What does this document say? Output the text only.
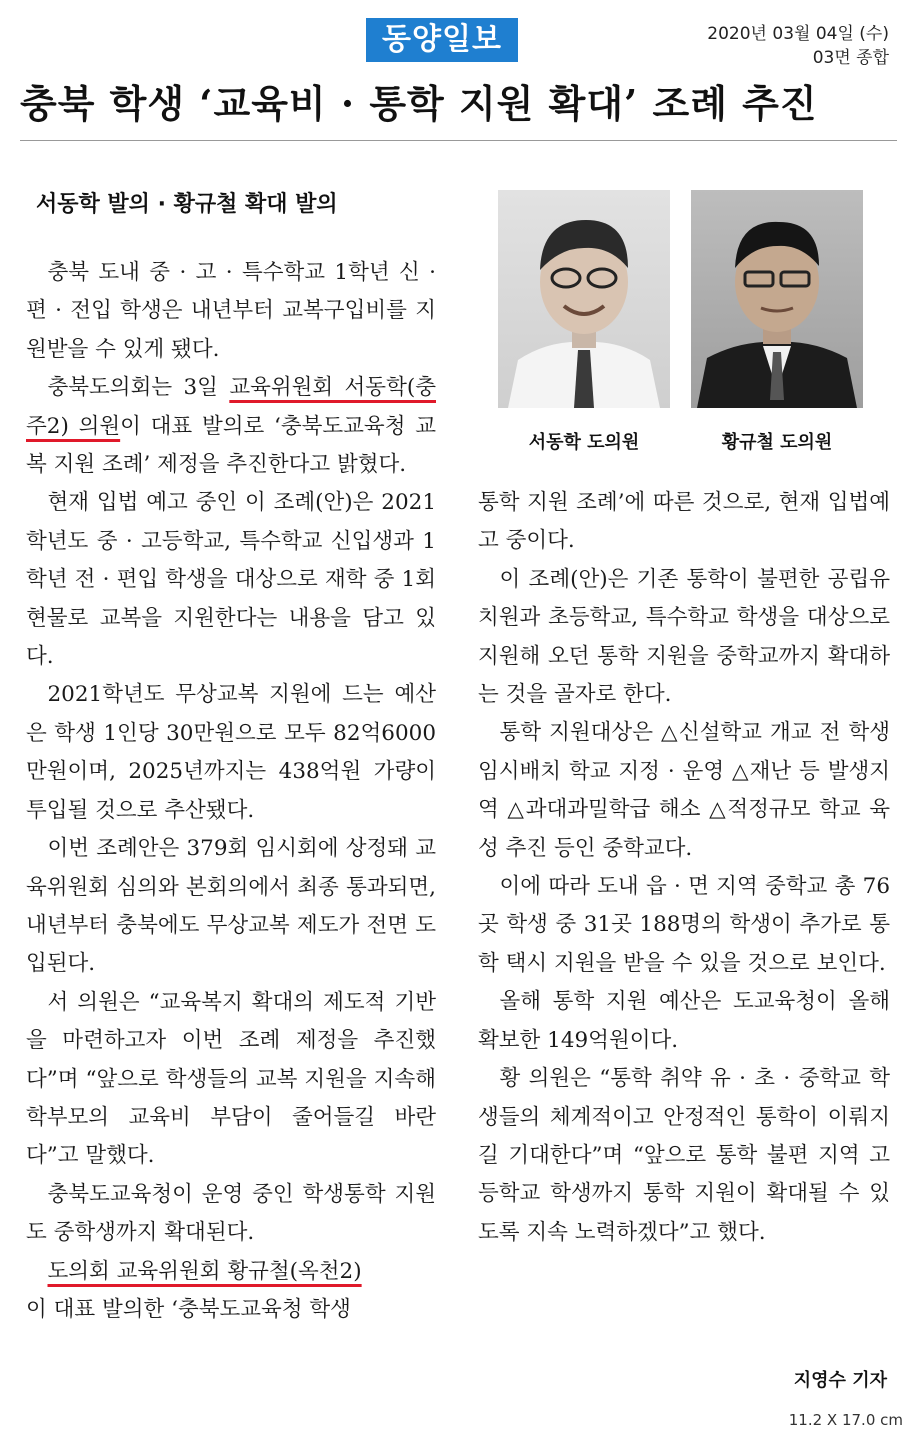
동양일보	2020년 03월 04일 (수)
03면 종합
충북 학생 ‘교육비 · 통학 지원 확대’ 조례 추진
서동학 발의 · 황규철 확대 발의

충북 도내 중 · 고 · 특수학교 1학년 신 · 편 · 전입 학생은 내년부터 교복구입비를 지원받을 수 있게 됐다.

충북도의회는 3일 교육위원회 서동학(충주2) 의원이 대표 발의로 ‘충북도교육청 교복 지원 조례’ 제정을 추진한다고 밝혔다.

현재 입법 예고 중인 이 조례(안)은 2021학년도 중 · 고등학교, 특수학교 신입생과 1학년 전 · 편입 학생을 대상으로 재학 중 1회 현물로 교복을 지원한다는 내용을 담고 있다.

2021학년도 무상교복 지원에 드는 예산은 학생 1인당 30만원으로 모두 82억6000만원이며, 2025년까지는 438억원 가량이 투입될 것으로 추산됐다.

이번 조례안은 379회 임시회에 상정돼 교육위원회 심의와 본회의에서 최종 통과되면, 내년부터 충북에도 무상교복 제도가 전면 도입된다.

서 의원은 “교육복지 확대의 제도적 기반을 마련하고자 이번 조례 제정을 추진했다”며 “앞으로 학생들의 교복 지원을 지속해 학부모의 교육비 부담이 줄어들길 바란다”고 말했다.

충북도교육청이 운영 중인 학생통학 지원도 중학생까지 확대된다.

도의회 교육위원회 황규철(옥천2)
이 대표 발의한 ‘충북도교육청 학생

서동학 도의원	황규철 도의원

통학 지원 조례’에 따른 것으로, 현재 입법예고 중이다.

이 조례(안)은 기존 통학이 불편한 공립유치원과 초등학교, 특수학교 학생을 대상으로 지원해 오던 통학 지원을 중학교까지 확대하는 것을 골자로 한다.

통학 지원대상은 △신설학교 개교 전 학생 임시배치 학교 지정 · 운영 △재난 등 발생지역 △과대과밀학급 해소 △적정규모 학교 육성 추진 등인 중학교다.

이에 따라 도내 읍 · 면 지역 중학교 총 76곳 학생 중 31곳 188명의 학생이 추가로 통학 택시 지원을 받을 수 있을 것으로 보인다.

올해 통학 지원 예산은 도교육청이 올해 확보한 149억원이다.

황 의원은 “통학 취약 유 · 초 · 중학교 학생들의 체계적이고 안정적인 통학이 이뤄지길 기대한다”며 “앞으로 통학 불편 지역 고등학교 학생까지 통학 지원이 확대될 수 있도록 지속 노력하겠다”고 했다.

지영수 기자

11.2 X 17.0 cm
